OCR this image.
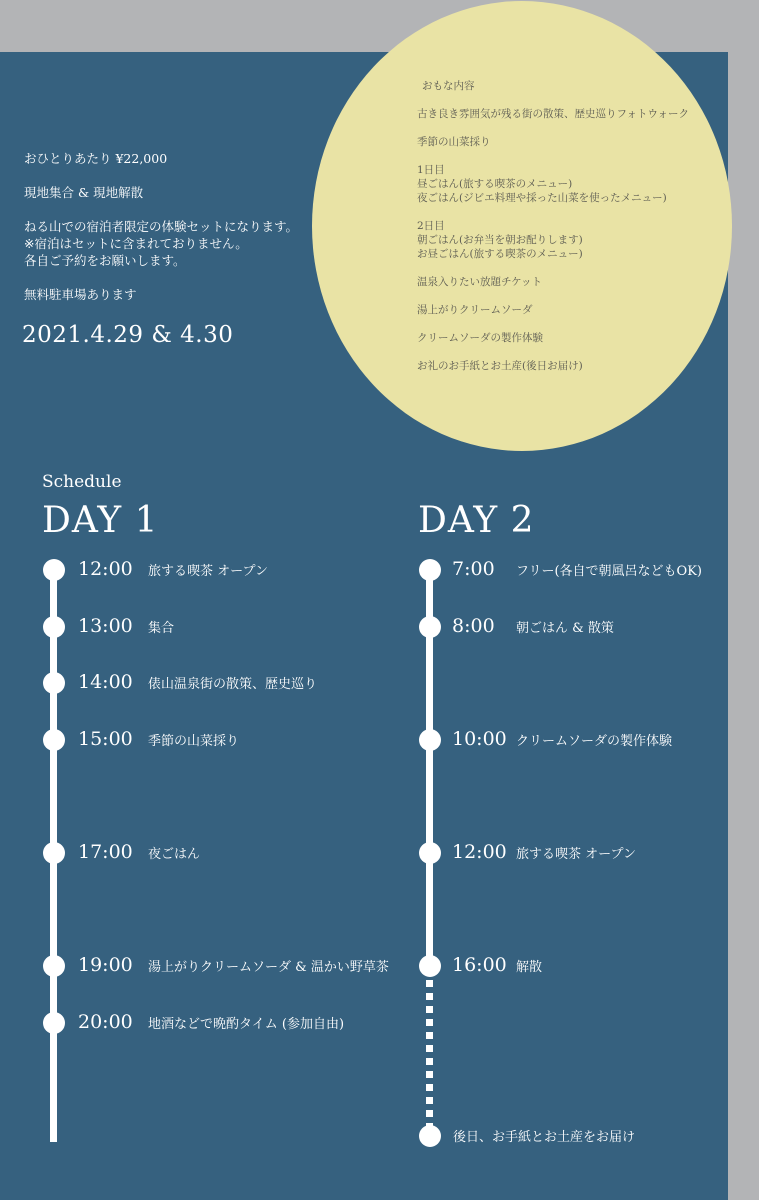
おもな内容
古き良き雰囲気が残る街の散策、歴史巡りフォトウォーク
季節の山菜採り
1日目
昼ごはん(旅する喫茶のメニュー)
夜ごはん(ジビエ料理や採った山菜を使ったメニュー)
2日目
朝ごはん(お弁当を朝お配りします)
お昼ごはん(旅する喫茶のメニュー)
温泉入りたい放題チケット
湯上がりクリームソーダ
クリームソーダの製作体験
お礼のお手紙とお土産(後日お届け)

おひとりあたり ¥22,000

現地集合 & 現地解散

ねる山での宿泊者限定の体験セットになります。
※宿泊はセットに含まれておりません。
各自ご予約をお願いします。

無料駐車場あります

2021.4.29 & 4.30
Schedule
DAY 1	DAY 2
12:00 旅する喫茶 オープン
13:00 集合
14:00 俵山温泉街の散策、歴史巡り
15:00 季節の山菜採り
17:00 夜ごはん
19:00 湯上がりクリームソーダ & 温かい野草茶
20:00 地酒などで晩酌タイム (参加自由)
7:00 フリー(各自で朝風呂などもOK)
8:00 朝ごはん & 散策
10:00 クリームソーダの製作体験
12:00 旅する喫茶 オープン
16:00 解散
後日、お手紙とお土産をお届け
